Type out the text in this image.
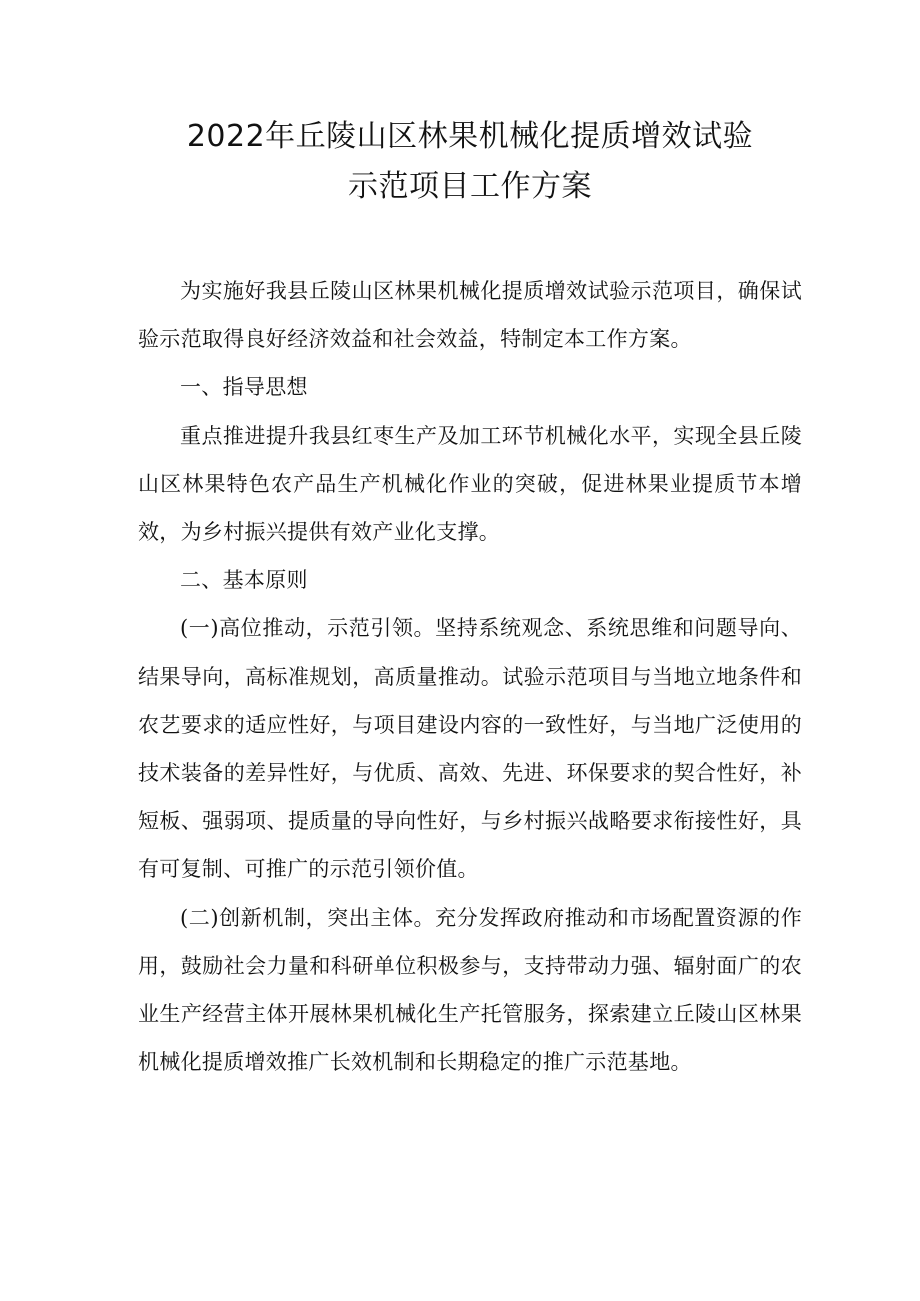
2022年丘陵山区林果机械化提质增效试验
示范项目工作方案

为实施好我县丘陵山区林果机械化提质增效试验示范项目，确保试验示范取得良好经济效益和社会效益，特制定本工作方案。

一、指导思想

重点推进提升我县红枣生产及加工环节机械化水平，实现全县丘陵山区林果特色农产品生产机械化作业的突破，促进林果业提质节本增效，为乡村振兴提供有效产业化支撑。

二、基本原则

(一)高位推动，示范引领。坚持系统观念、系统思维和问题导向、结果导向，高标准规划，高质量推动。试验示范项目与当地立地条件和农艺要求的适应性好，与项目建设内容的一致性好，与当地广泛使用的技术装备的差异性好，与优质、高效、先进、环保要求的契合性好，补短板、强弱项、提质量的导向性好，与乡村振兴战略要求衔接性好，具有可复制、可推广的示范引领价值。

(二)创新机制，突出主体。充分发挥政府推动和市场配置资源的作用，鼓励社会力量和科研单位积极参与，支持带动力强、辐射面广的农业生产经营主体开展林果机械化生产托管服务，探索建立丘陵山区林果机械化提质增效推广长效机制和长期稳定的推广示范基地。
